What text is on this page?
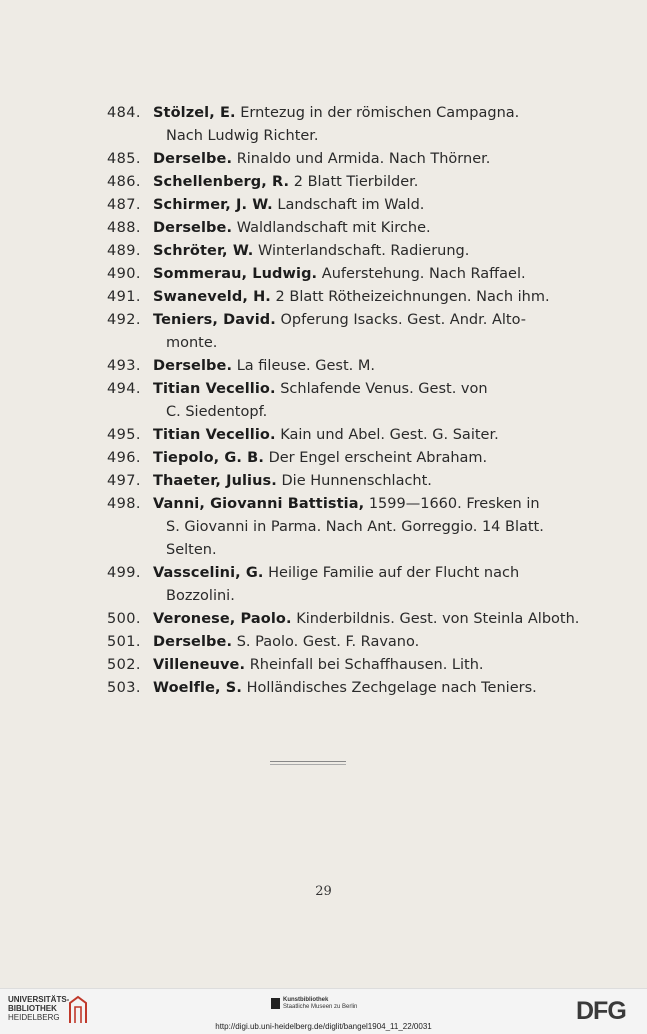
484. Stölzel, E. Erntezug in der römischen Campagna.
Nach Ludwig Richter.
485. Derselbe. Rinaldo und Armida. Nach Thörner.
486. Schellenberg, R. 2 Blatt Tierbilder.
487. Schirmer, J. W. Landschaft im Wald.
488. Derselbe. Waldlandschaft mit Kirche.
489. Schröter, W. Winterlandschaft. Radierung.
490. Sommerau, Ludwig. Auferstehung. Nach Raffael.
491. Swaneveld, H. 2 Blatt Rötheizeichnungen. Nach ihm.
492. Teniers, David. Opferung Isacks. Gest. Andr. Alto-
monte.
493. Derselbe. La fileuse. Gest. M.
494. Titian Vecellio. Schlafende Venus. Gest. von
C. Siedentopf.
495. Titian Vecellio. Kain und Abel. Gest. G. Saiter.
496. Tiepolo, G. B. Der Engel erscheint Abraham.
497. Thaeter, Julius. Die Hunnenschlacht.
498. Vanni, Giovanni Battistia, 1599—1660. Fresken in
S. Giovanni in Parma. Nach Ant. Gorreggio. 14 Blatt.
Selten.
499. Vasscelini, G. Heilige Familie auf der Flucht nach
Bozzolini.
500. Veronese, Paolo. Kinderbildnis. Gest. von Steinla Alboth.
501. Derselbe. S. Paolo. Gest. F. Ravano.
502. Villeneuve. Rheinfall bei Schaffhausen. Lith.
503. Woelfle, S. Holländisches Zechgelage nach Teniers.
29
UNIVERSITÄTS-
BIBLIOTHEK
HEIDELBERG
Kunstbibliothek
Staatliche Museen zu Berlin	DFG
http://digi.ub.uni-heidelberg.de/diglit/bangel1904_11_22/0031
